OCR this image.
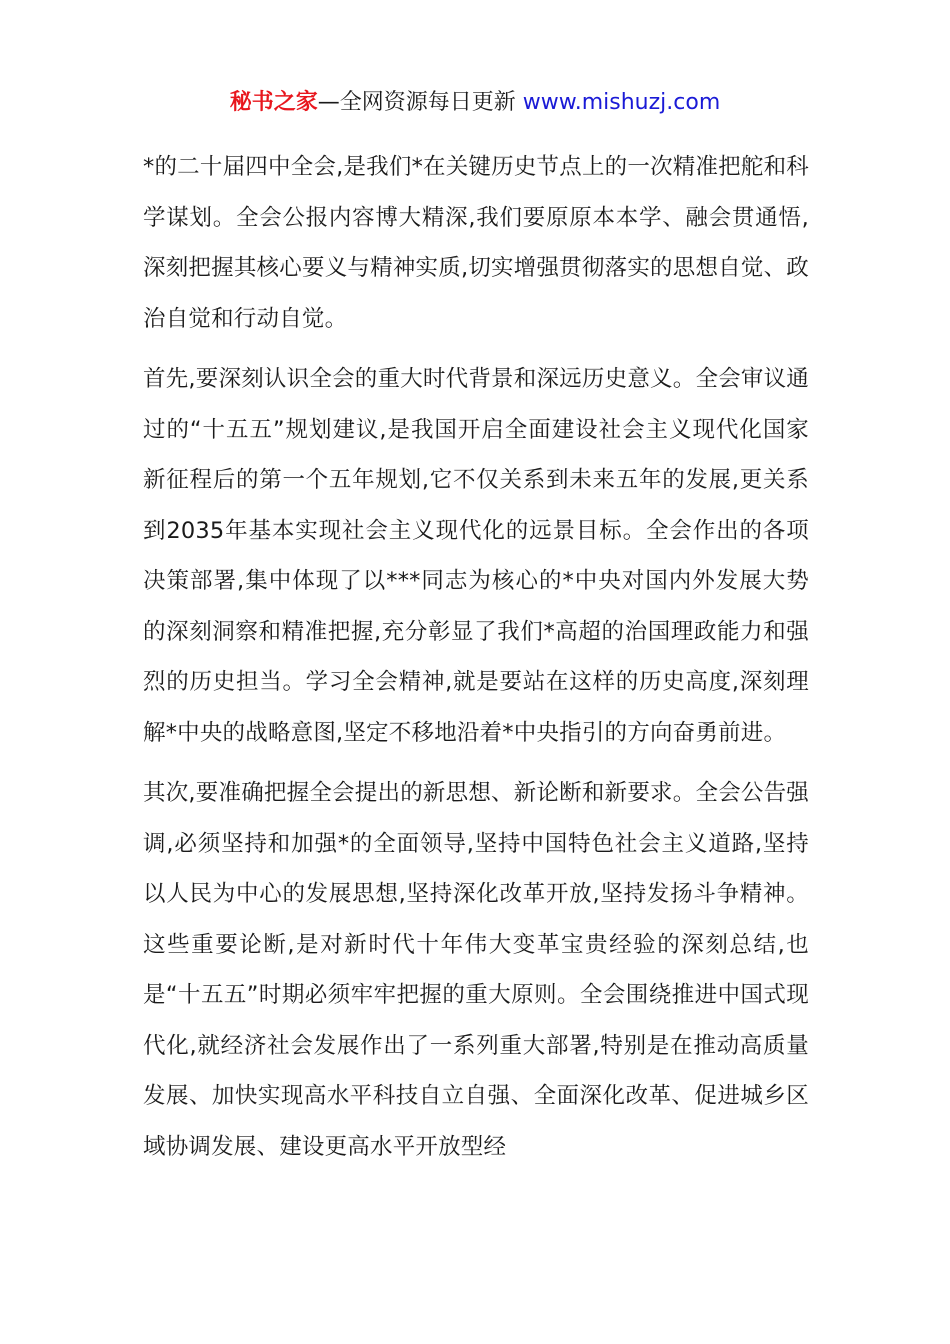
秘书之家—全网资源每日更新 www.mishuzj.com

*的二十届四中全会,是我们*在关键历史节点上的一次精准把舵和科学谋划。全会公报内容博大精深,我们要原原本本学、融会贯通悟,深刻把握其核心要义与精神实质,切实增强贯彻落实的思想自觉、政治自觉和行动自觉。

首先,要深刻认识全会的重大时代背景和深远历史意义。全会审议通过的“十五五”规划建议,是我国开启全面建设社会主义现代化国家新征程后的第一个五年规划,它不仅关系到未来五年的发展,更关系到2035年基本实现社会主义现代化的远景目标。全会作出的各项决策部署,集中体现了以***同志为核心的*中央对国内外发展大势的深刻洞察和精准把握,充分彰显了我们*高超的治国理政能力和强烈的历史担当。学习全会精神,就是要站在这样的历史高度,深刻理解*中央的战略意图,坚定不移地沿着*中央指引的方向奋勇前进。

其次,要准确把握全会提出的新思想、新论断和新要求。全会公告强调,必须坚持和加强*的全面领导,坚持中国特色社会主义道路,坚持以人民为中心的发展思想,坚持深化改革开放,坚持发扬斗争精神。这些重要论断,是对新时代十年伟大变革宝贵经验的深刻总结,也是“十五五”时期必须牢牢把握的重大原则。全会围绕推进中国式现代化,就经济社会发展作出了一系列重大部署,特别是在推动高质量发展、加快实现高水平科技自立自强、全面深化改革、促进城乡区域协调发展、建设更高水平开放型经
